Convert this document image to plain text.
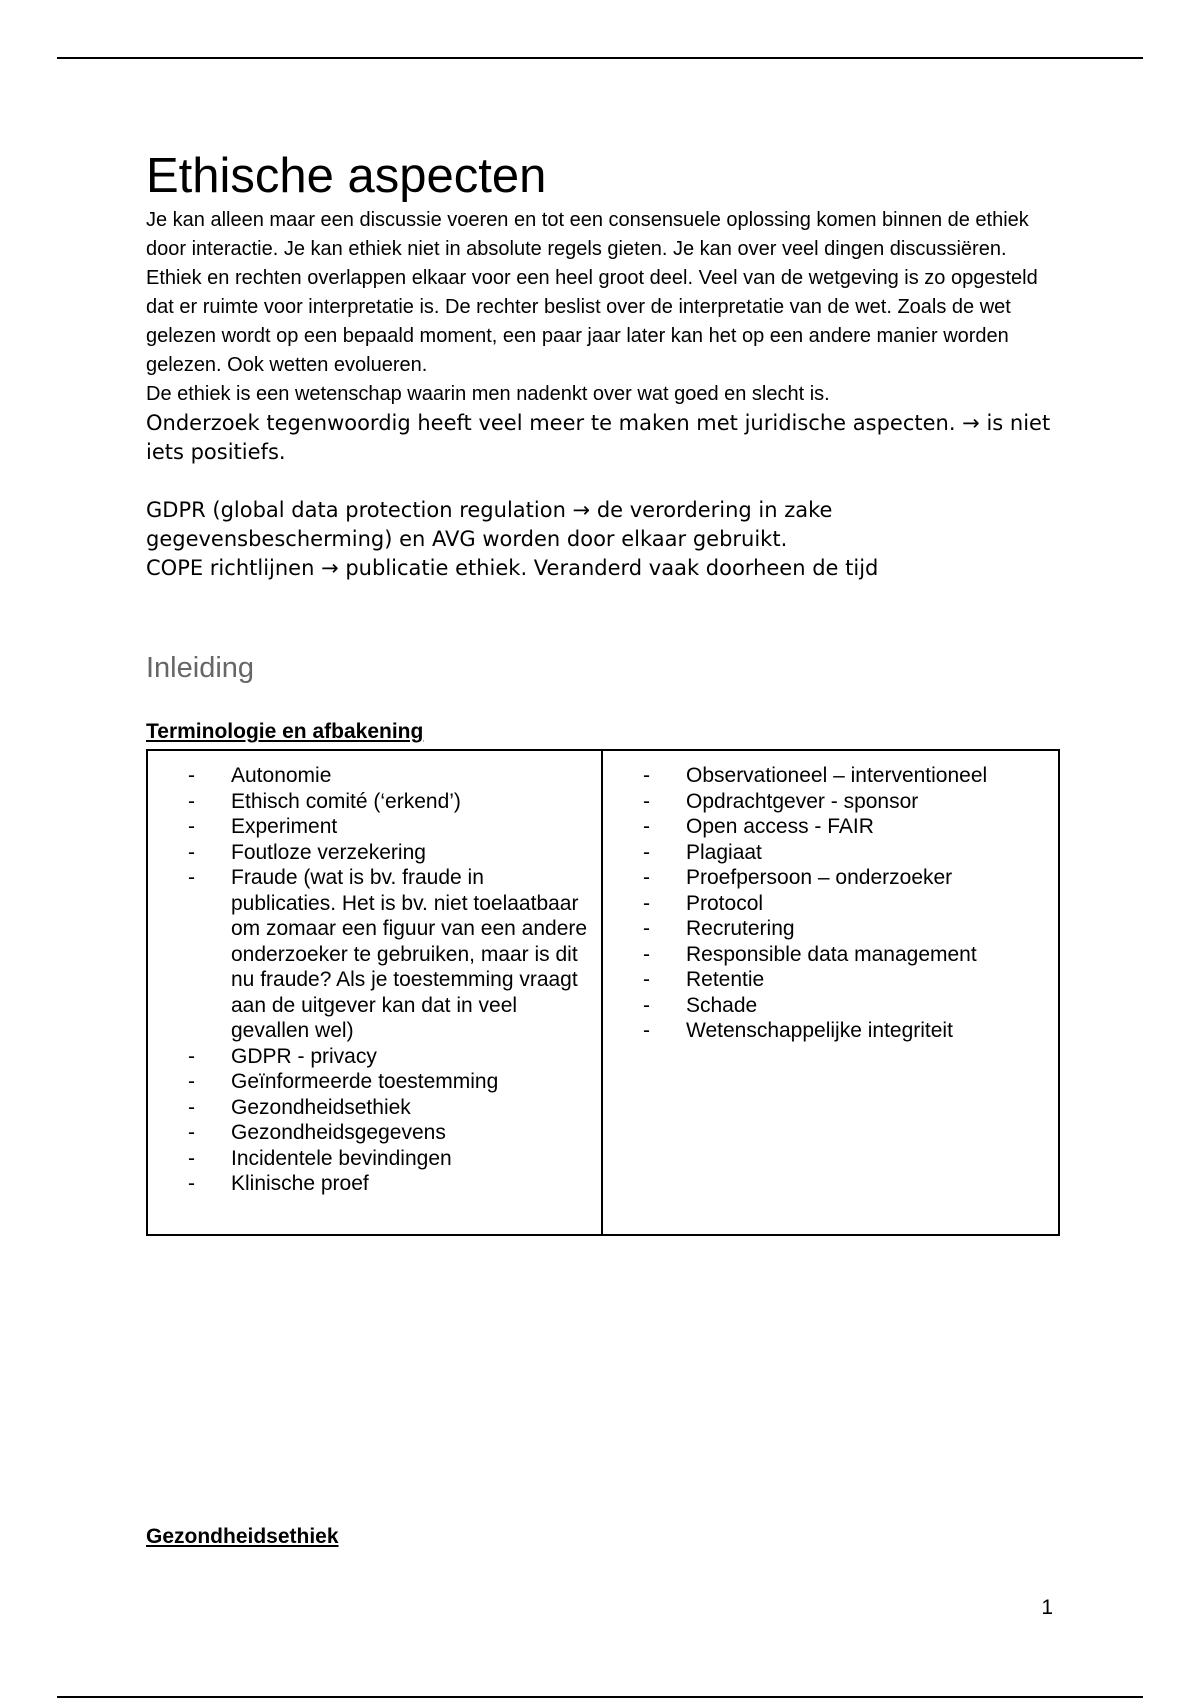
Ethische aspecten

Je kan alleen maar een discussie voeren en tot een consensuele oplossing komen binnen de ethiek door interactie. Je kan ethiek niet in absolute regels gieten. Je kan over veel dingen discussiëren.

Ethiek en rechten overlappen elkaar voor een heel groot deel. Veel van de wetgeving is zo opgesteld dat er ruimte voor interpretatie is. De rechter beslist over de interpretatie van de wet. Zoals de wet gelezen wordt op een bepaald moment, een paar jaar later kan het op een andere manier worden gelezen. Ook wetten evolueren.

De ethiek is een wetenschap waarin men nadenkt over wat goed en slecht is.

Onderzoek tegenwoordig heeft veel meer te maken met juridische aspecten. → is niet iets positiefs.

GDPR (global data protection regulation → de verordering in zake gegevensbescherming) en AVG worden door elkaar gebruikt.

COPE richtlijnen → publicatie ethiek. Veranderd vaak doorheen de tijd

Inleiding
Terminologie en afbakening
- Autonomie
- Ethisch comité (‘erkend’)
- Experiment
- Foutloze verzekering
- Fraude (wat is bv. fraude in publicaties. Het is bv. niet toelaatbaar om zomaar een figuur van een andere onderzoeker te gebruiken, maar is dit nu fraude? Als je toestemming vraagt aan de uitgever kan dat in veel gevallen wel)
- GDPR - privacy
- Geïnformeerde toestemming
- Gezondheidsethiek
- Gezondheidsgegevens
- Incidentele bevindingen
- Klinische proef
- Observationeel – interventioneel
- Opdrachtgever - sponsor
- Open access - FAIR
- Plagiaat
- Proefpersoon – onderzoeker
- Protocol
- Recrutering
- Responsible data management
- Retentie
- Schade
- Wetenschappelijke integriteit
Gezondheidsethiek
1
